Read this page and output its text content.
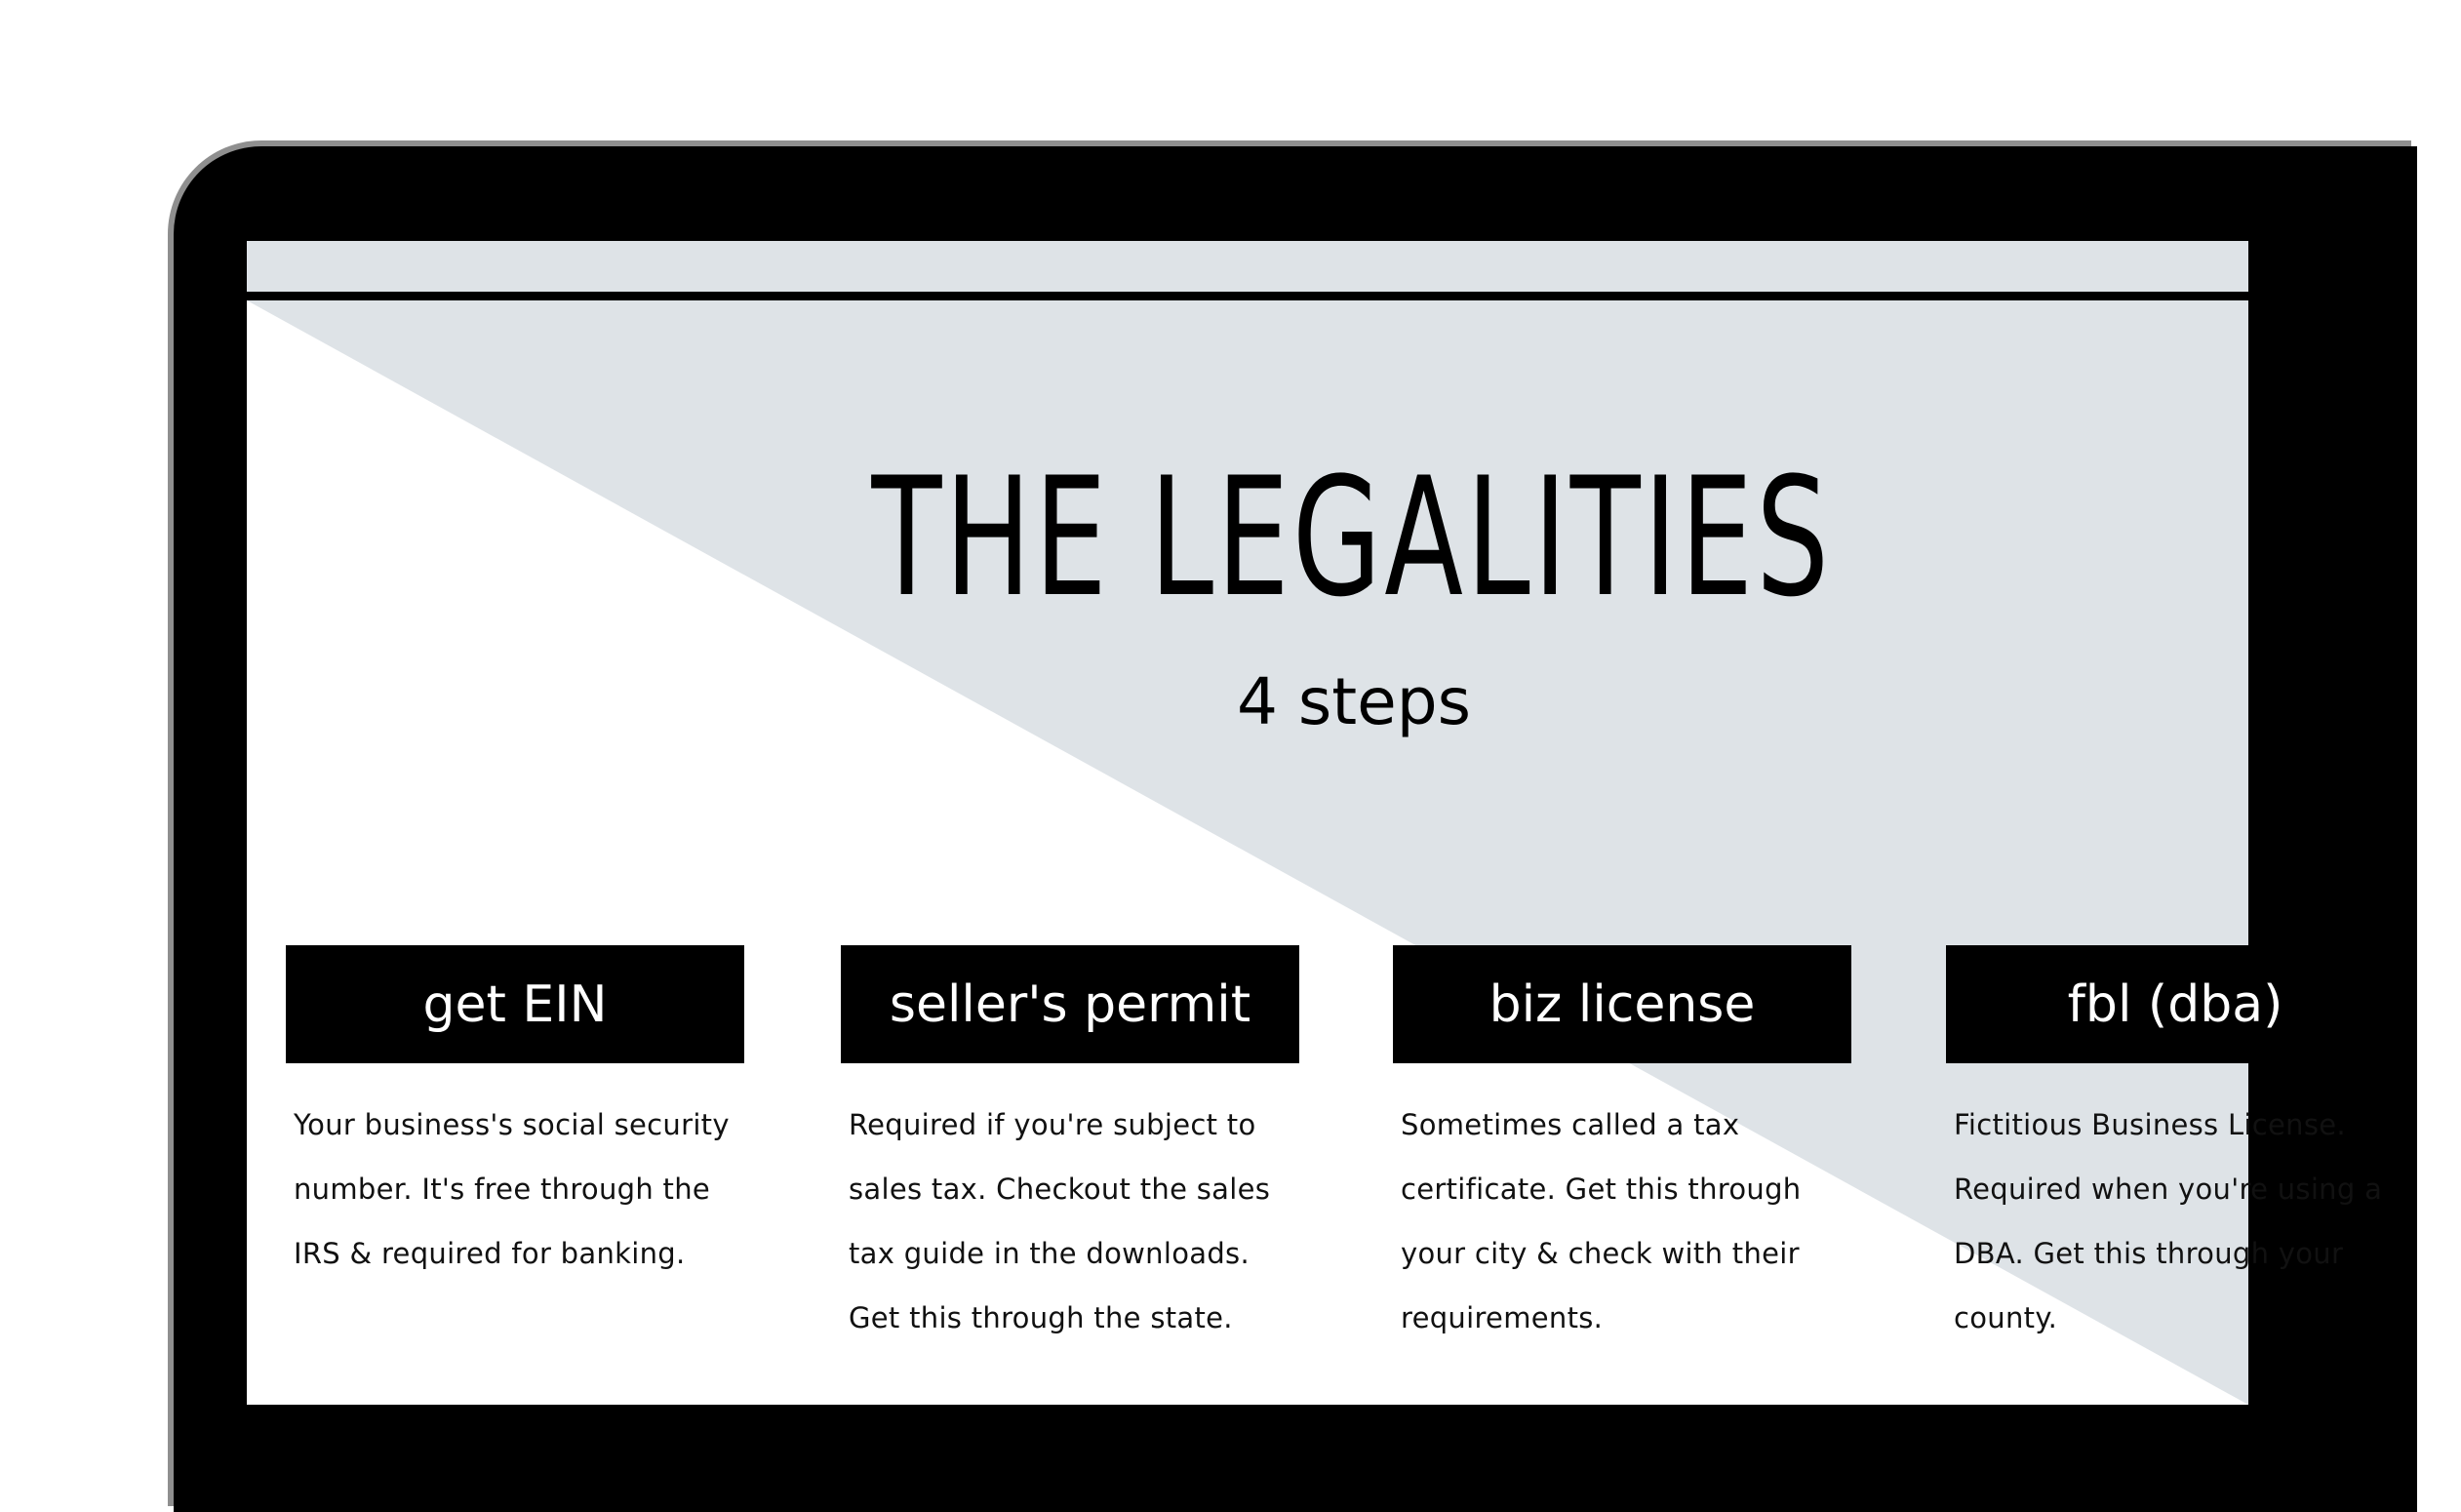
THE LEGALITIES
4 steps
get EIN
Your business's social security
number. It's free through the
IRS & required for banking.
seller's permit
Required if you're subject to
sales tax. Checkout the sales
tax guide in the downloads.
Get this through the state.
biz license
Sometimes called a tax
certificate. Get this through
your city & check with their
requirements.
fbl (dba)
Fictitious Business License.
Required when you're using a
DBA. Get this through your
county.
